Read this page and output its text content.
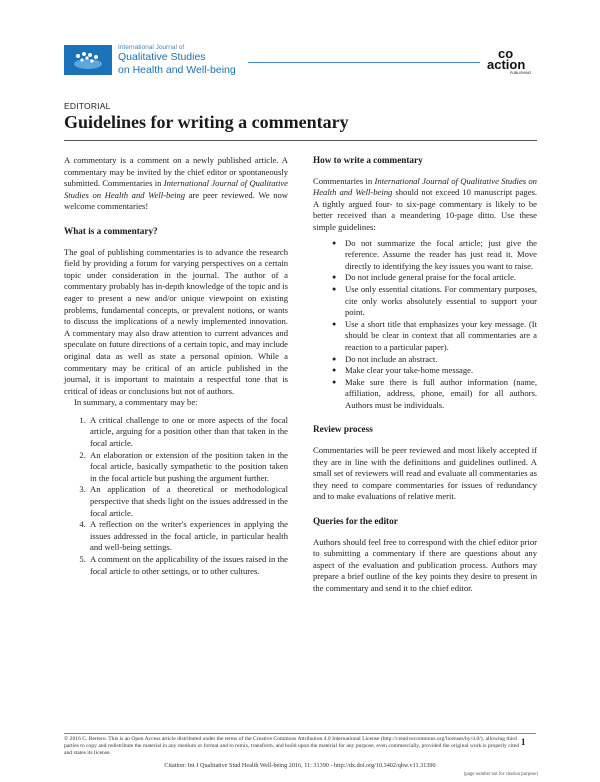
International Journal of
Qualitative Studies
on Health and Well-being
co
action
PUBLISHING
EDITORIAL
Guidelines for writing a commentary

A commentary is a comment on a newly published article. A commentary may be invited by the chief editor or spontaneously submitted. Commentaries in International Journal of Qualitative Studies on Health and Well-being are peer reviewed. We now welcome commentaries!

What is a commentary?

The goal of publishing commentaries is to advance the research field by providing a forum for varying perspectives on a certain topic under consideration in the journal. The author of a commentary probably has in-depth knowledge of the topic and is eager to present a new and/or unique viewpoint on existing problems, fundamental concepts, or prevalent notions, or wants to discuss the implications of a newly implemented innovation. A commentary may also draw attention to current advances and speculate on future directions of a certain topic, and may include original data as well as state a personal opinion. While a commentary may be critical of an article published in the journal, it is important to maintain a respectful tone that is critical of ideas or conclusions but not of authors.

In summary, a commentary may be:

1. A critical challenge to one or more aspects of the focal article, arguing for a position other than that taken in the focal article.
2. An elaboration or extension of the position taken in the focal article, basically sympathetic to the position taken in the focal article but pushing the argument further.
3. An application of a theoretical or methodological perspective that sheds light on the issues addressed in the focal article.
4. A reflection on the writer's experiences in applying the issues addressed in the focal article, in particular health and well-being settings.
5. A comment on the applicability of the issues raised in the focal article to other settings, or to other cultures.
How to write a commentary

Commentaries in International Journal of Qualitative Studies on Health and Well-being should not exceed 10 manuscript pages. A tightly argued four- to six-page commentary is likely to be better received than a meandering 10-page ditto. Use these simple guidelines:

● Do not summarize the focal article; just give the reference. Assume the reader has just read it. Move directly to identifying the key issues you want to raise.
● Do not include general praise for the focal article.
● Use only essential citations. For commentary purposes, cite only works absolutely essential to support your point.
● Use a short title that emphasizes your key message. (It should be clear in context that all commentaries are a reaction to a particular paper).
● Do not include an abstract.
● Make clear your take-home message.
● Make sure there is full author information (name, affiliation, address, phone, email) for all authors. Authors must be individuals.
Review process

Commentaries will be peer reviewed and most likely accepted if they are in line with the definitions and guidelines outlined. A small set of reviewers will read and evaluate all commentaries as they need to compare commentaries for issues of redundancy and to make evaluations of relative merit.

Queries for the editor

Authors should feel free to correspond with the chief editor prior to submitting a commentary if there are questions about any aspect of the evaluation and publication process. Authors may prepare a brief outline of the key points they desire to present in the commentary and send it to the chief editor.

© 2016 C. Bertero. This is an Open Access article distributed under the terms of the Creative Commons Attribution 4.0 International License (http://creativecommons.org/licenses/by/4.0/), allowing third parties to copy and redistribute the material in any medium or format and to remix, transform, and build upon the material for any purpose, even commercially, provided the original work is properly cited and states its license.
1
Citation: Int J Qualitative Stud Health Well-being 2016, 11: 31390 - http://dx.doi.org/10.3402/qhw.v11.31390
(page number not for citation purpose)
